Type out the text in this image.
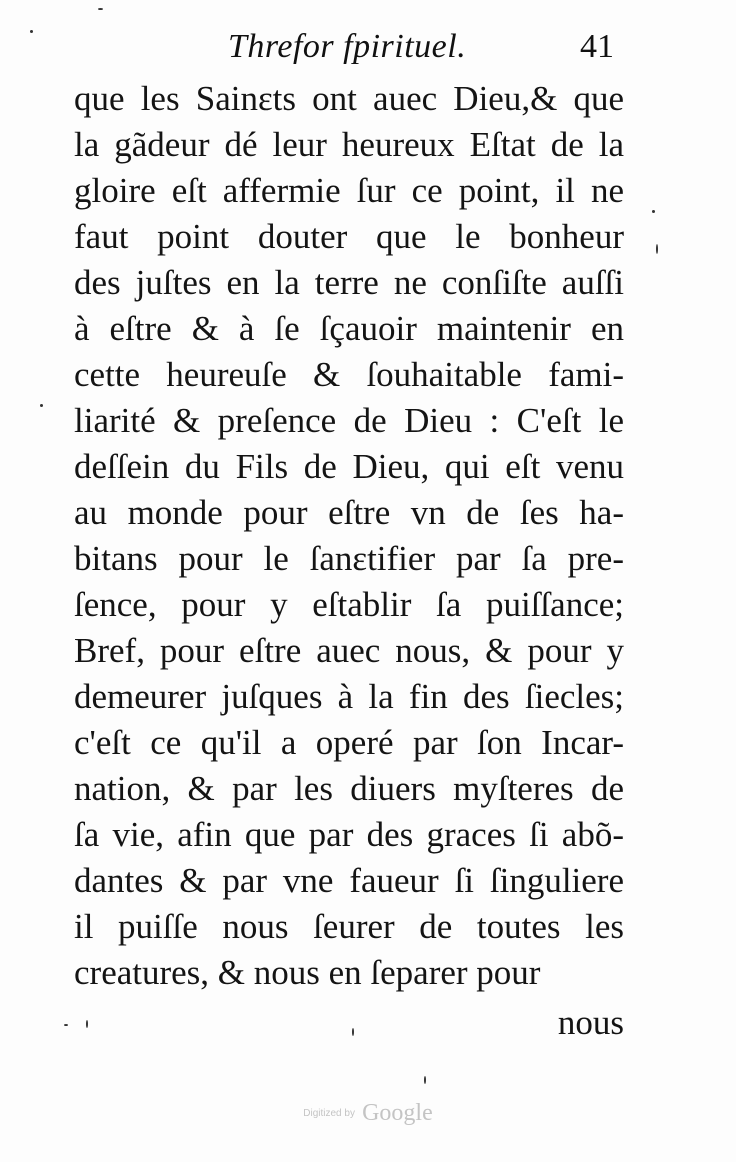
Threfor fpirituel.	41
que les Sainɛts ont auec Dieu,& que
la gãdeur dé leur heureux Eſtat de la
gloire eſt affermie ſur ce point, il ne
faut point douter que le bonheur
des juſtes en la terre ne conſiſte auſſi
à eſtre & à ſe ſçauoir maintenir en
cette heureuſe & ſouhaitable fami-
liarité & preſence de Dieu : C'eſt le
deſſein du Fils de Dieu, qui eſt venu
au monde pour eſtre vn de ſes ha-
bitans pour le ſanɛtifier par ſa pre-
ſence, pour y eſtablir ſa puiſſance;
Bref, pour eſtre auec nous, & pour y
demeurer juſques à la fin des ſiecles;
c'eſt ce qu'il a operé par ſon Incar-
nation, & par les diuers myſteres de
ſa vie, afin que par des graces ſi abõ-
dantes & par vne faueur ſi ſinguliere
il puiſſe nous ſeurer de toutes les
creatures, & nous en ſeparer pour
nous
Digitized by Google
